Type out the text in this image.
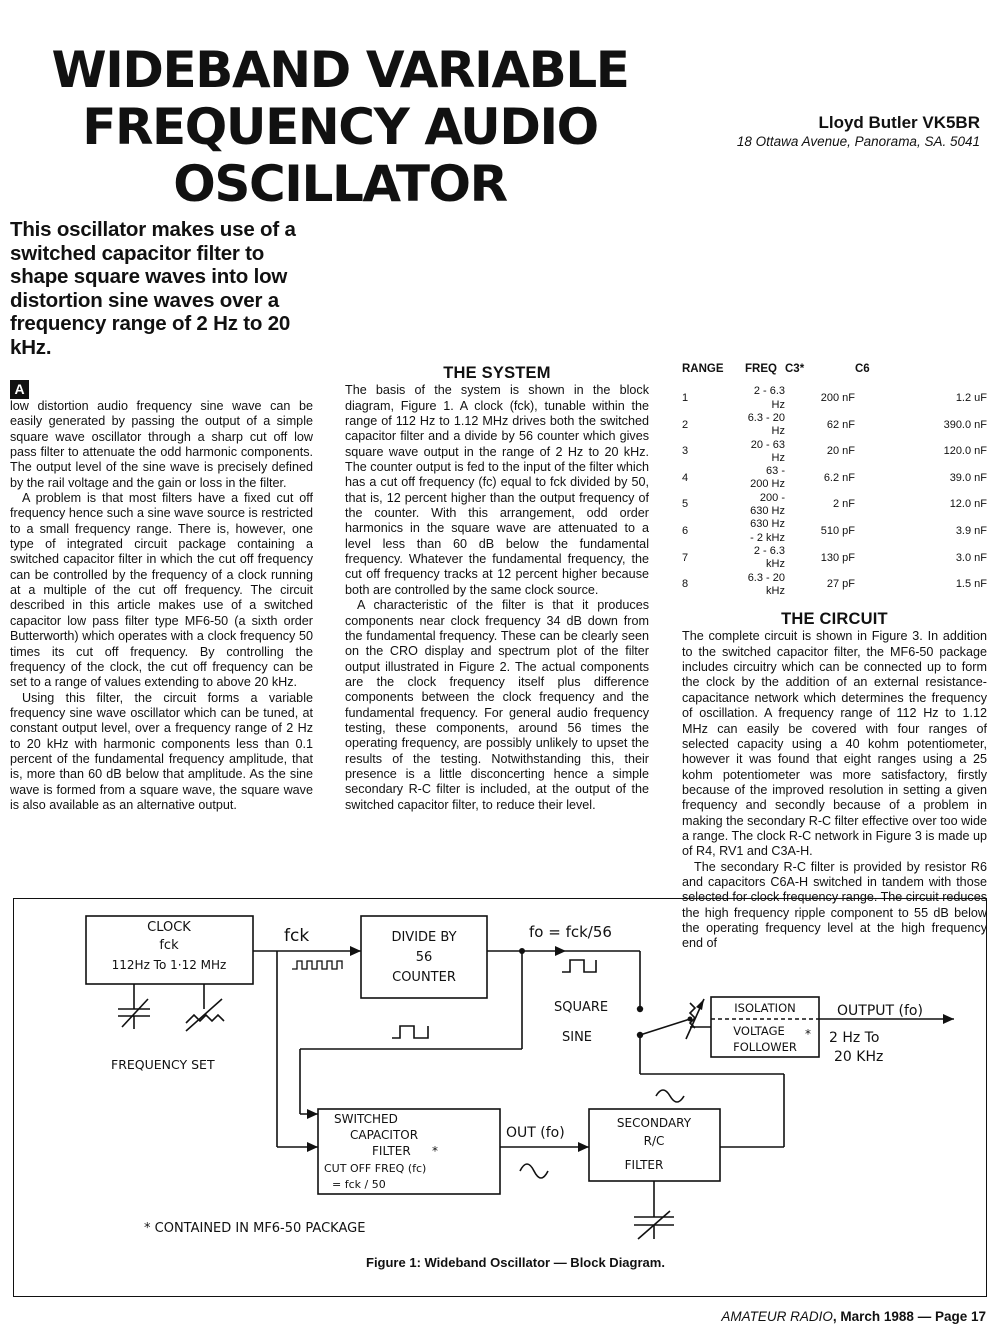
WIDEBAND VARIABLE
FREQUENCY AUDIO
OSCILLATOR
Lloyd Butler VK5BR
18 Ottawa Avenue, Panorama, SA. 5041
This oscillator makes use of a switched capacitor filter to shape square waves into low distortion sine waves over a frequency range of 2 Hz to 20 kHz.

A
low distortion audio frequency sine wave can be easily generated by passing the output of a simple square wave oscillator through a sharp cut off low pass filter to attenuate the odd harmonic components. The output level of the sine wave is precisely defined by the rail voltage and the gain or loss in the filter.

A problem is that most filters have a fixed cut off frequency hence such a sine wave source is restricted to a small frequency range. There is, however, one type of integrated circuit package containing a switched capacitor filter in which the cut off frequency can be controlled by the frequency of a clock running at a multiple of the cut off frequency. The circuit described in this article makes use of a switched capacitor low pass filter type MF6-50 (a sixth order Butterworth) which operates with a clock frequency 50 times its cut off frequency. By controlling the frequency of the clock, the cut off frequency can be set to a range of values extending to above 20 kHz.

Using this filter, the circuit forms a variable frequency sine wave oscillator which can be tuned, at constant output level, over a frequency range of 2 Hz to 20 kHz with harmonic components less than 0.1 percent of the fundamental frequency amplitude, that is, more than 60 dB below that amplitude. As the sine wave is formed from a square wave, the square wave is also available as an alternative output.

THE SYSTEM

The basis of the system is shown in the block diagram, Figure 1. A clock (fck), tunable within the range of 112 Hz to 1.12 MHz drives both the switched capacitor filter and a divide by 56 counter which gives square wave output in the range of 2 Hz to 20 kHz. The counter output is fed to the input of the filter which has a cut off frequency (fc) equal to fck divided by 50, that is, 12 percent higher than the output frequency of the counter. With this arrangement, odd order harmonics in the square wave are attenuated to a level less than 60 dB below the fundamental frequency. Whatever the fundamental frequency, the cut off frequency tracks at 12 percent higher because both are controlled by the same clock source.

A characteristic of the filter is that it produces components near clock frequency 34 dB down from the fundamental frequency. These can be clearly seen on the CRO display and spectrum plot of the filter output illustrated in Figure 2. The actual components are the clock frequency itself plus difference components between the clock frequency and the fundamental frequency. For general audio frequency testing, these components, around 56 times the operating frequency, are possibly unlikely to upset the results of the testing. Notwithstanding this, their presence is a little disconcerting hence a simple secondary R-C filter is included, at the output of the switched capacitor filter, to reduce their level.

RANGE	FREQ	C3*	C6
1	2 - 6.3 Hz	200 nF	1.2 uF
2	6.3 - 20 Hz	62 nF	390.0 nF
3	20 - 63 Hz	20 nF	120.0 nF
4	63 - 200 Hz	6.2 nF	39.0 nF
5	200 - 630 Hz	2 nF	12.0 nF
6	630 Hz - 2 kHz	510 pF	3.9 nF
7	2 - 6.3 kHz	130 pF	3.0 nF
8	6.3 - 20 kHz	27 pF	1.5 nF
THE CIRCUIT

The complete circuit is shown in Figure 3. In addition to the switched capacitor filter, the MF6-50 package includes circuitry which can be connected up to form the clock by the addition of an external resistance-capacitance network which determines the frequency of oscillation. A frequency range of 112 Hz to 1.12 MHz can easily be covered with four ranges of selected capacity using a 40 kohm potentiometer, however it was found that eight ranges using a 25 kohm potentiometer was more satisfactory, firstly because of the improved resolution in setting a given frequency and secondly because of a problem in making the secondary R-C filter effective over too wide a range. The clock R-C network in Figure 3 is made up of R4, RV1 and C3A-H.

The secondary R-C filter is provided by resistor R6 and capacitors C6A-H switched in tandem with those selected for clock frequency range. The circuit reduces the high frequency ripple component to 55 dB below the operating frequency level at the high frequency end of

CLOCK
fck
112Hz To 1·12 MHz
FREQUENCY SET
fck	DIVIDE BY
56
COUNTER
fo = fck/56
SQUARE
SINE
ISOLATION
VOLTAGE *
FOLLOWER
OUTPUT (fo)
2 Hz To
20 KHz
SWITCHED
CAPACITOR
FILTER *
CUT OFF FREQ (fc)
= fck / 50
OUT (fo)
SECONDARY
R/C
FILTER
* CONTAINED IN MF6-50 PACKAGE
Figure 1: Wideband Oscillator — Block Diagram.
AMATEUR RADIO, March 1988 — Page 17
